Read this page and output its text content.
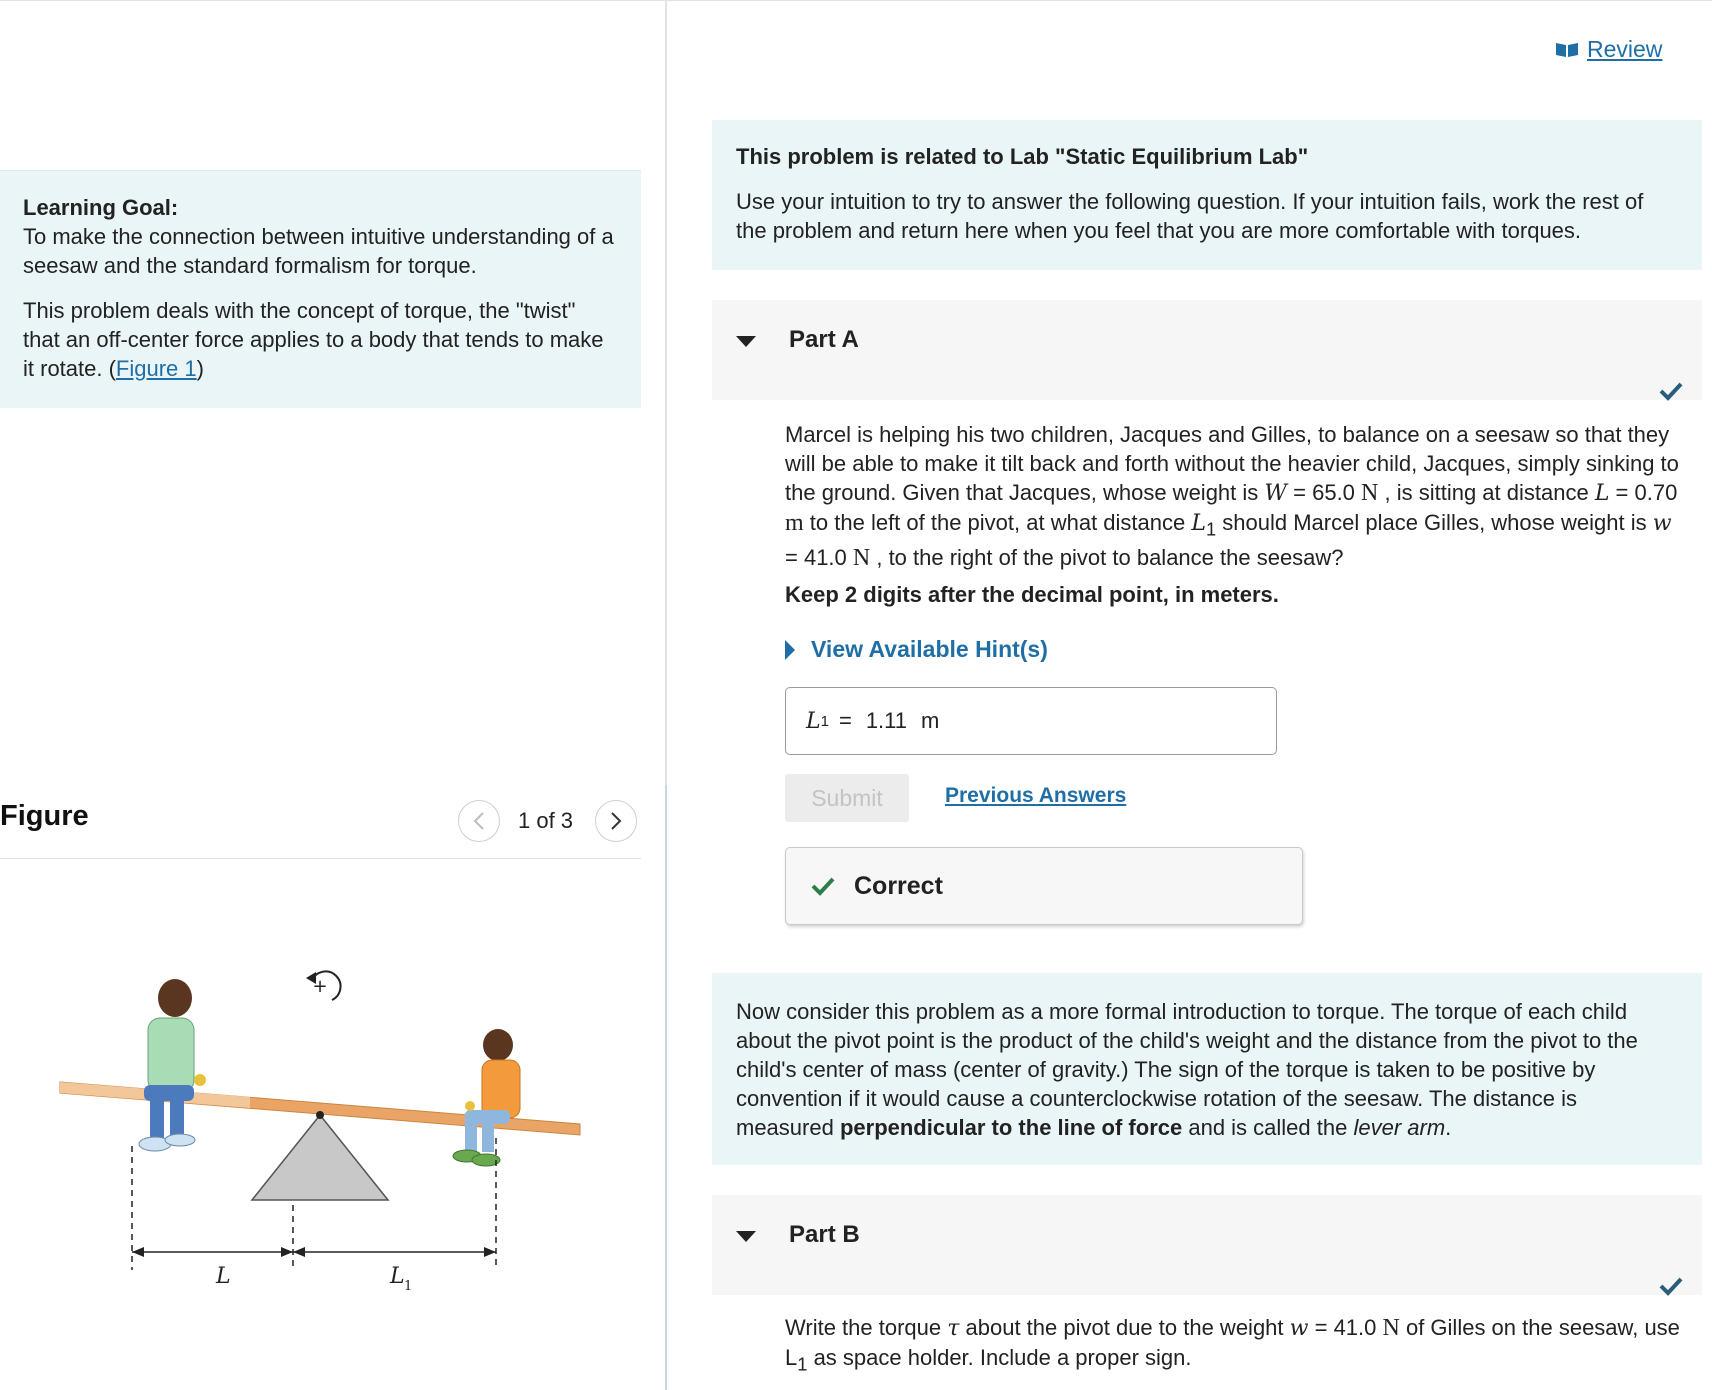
Learning Goal:
To make the connection between intuitive understanding of a seesaw and the standard formalism for torque.

This problem deals with the concept of torque, the "twist" that an off-center force applies to a body that tends to make it rotate. (Figure 1)

Figure	1 of 3
+
L	L 1
Review

This problem is related to Lab "Static Equilibrium Lab"

Use your intuition to try to answer the following question. If your intuition fails, work the rest of the problem and return here when you feel that you are more comfortable with torques.

Part A

Marcel is helping his two children, Jacques and Gilles, to balance on a seesaw so that they will be able to make it tilt back and forth without the heavier child, Jacques, simply sinking to the ground. Given that Jacques, whose weight is W = 65.0 N , is sitting at distance L = 0.70 m to the left of the pivot, at what distance $L_1$ should Marcel place Gilles, whose weight is w = 41.0 N , to the right of the pivot to balance the seesaw?

Keep 2 digits after the decimal point, in meters.
View Available Hint(s)
L 1 = 1.11 m
Submit	Previous Answers
Correct

Now consider this problem as a more formal introduction to torque. The torque of each child about the pivot point is the product of the child's weight and the distance from the pivot to the child's center of mass (center of gravity.) The sign of the torque is taken to be positive by convention if it would cause a counterclockwise rotation of the seesaw. The distance is measured perpendicular to the line of force and is called the lever arm.

Part B

Write the torque τ about the pivot due to the weight w = 41.0 N of Gilles on the seesaw, use $L_1$ as space holder. Include a proper sign.
